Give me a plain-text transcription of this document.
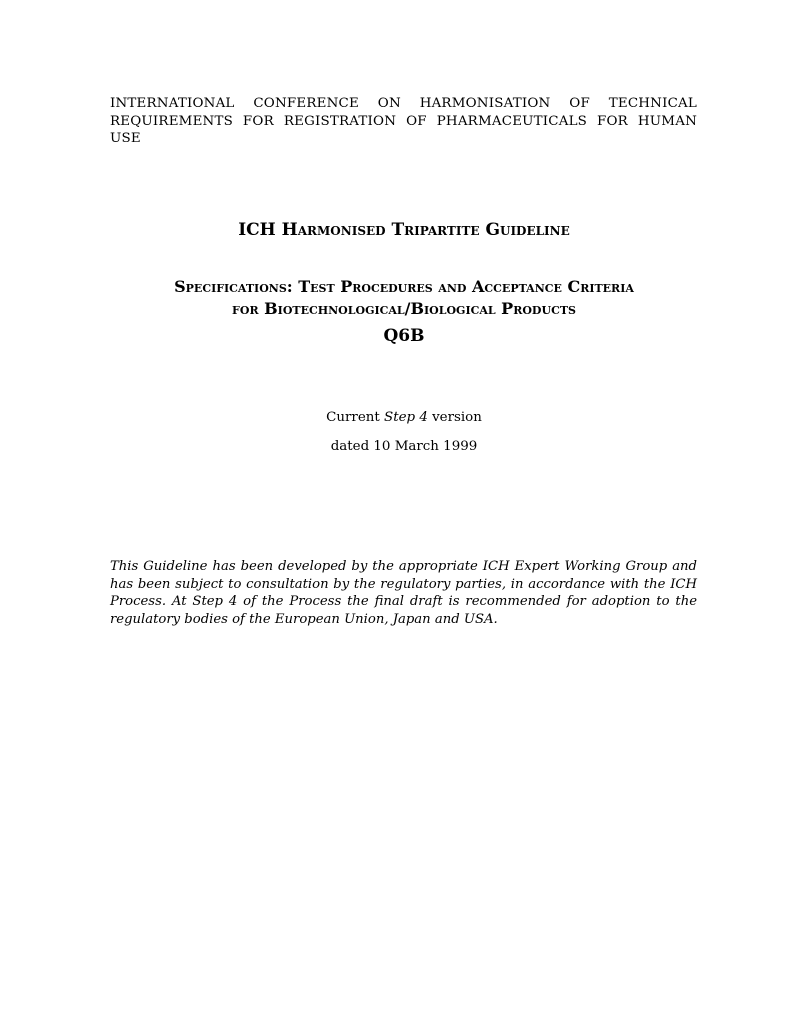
INTERNATIONAL CONFERENCE ON HARMONISATION OF TECHNICAL
REQUIREMENTS FOR REGISTRATION OF PHARMACEUTICALS FOR HUMAN
USE
ICH Harmonised Tripartite Guideline
Specifications: Test Procedures and Acceptance Criteria
for Biotechnological/Biological Products
Q6B
Current Step 4 version
dated 10 March 1999
This Guideline has been developed by the appropriate ICH Expert Working Group and has been subject to consultation by the regulatory parties, in accordance with the ICH Process. At Step 4 of the Process the final draft is recommended for adoption to the regulatory bodies of the European Union, Japan and USA.
